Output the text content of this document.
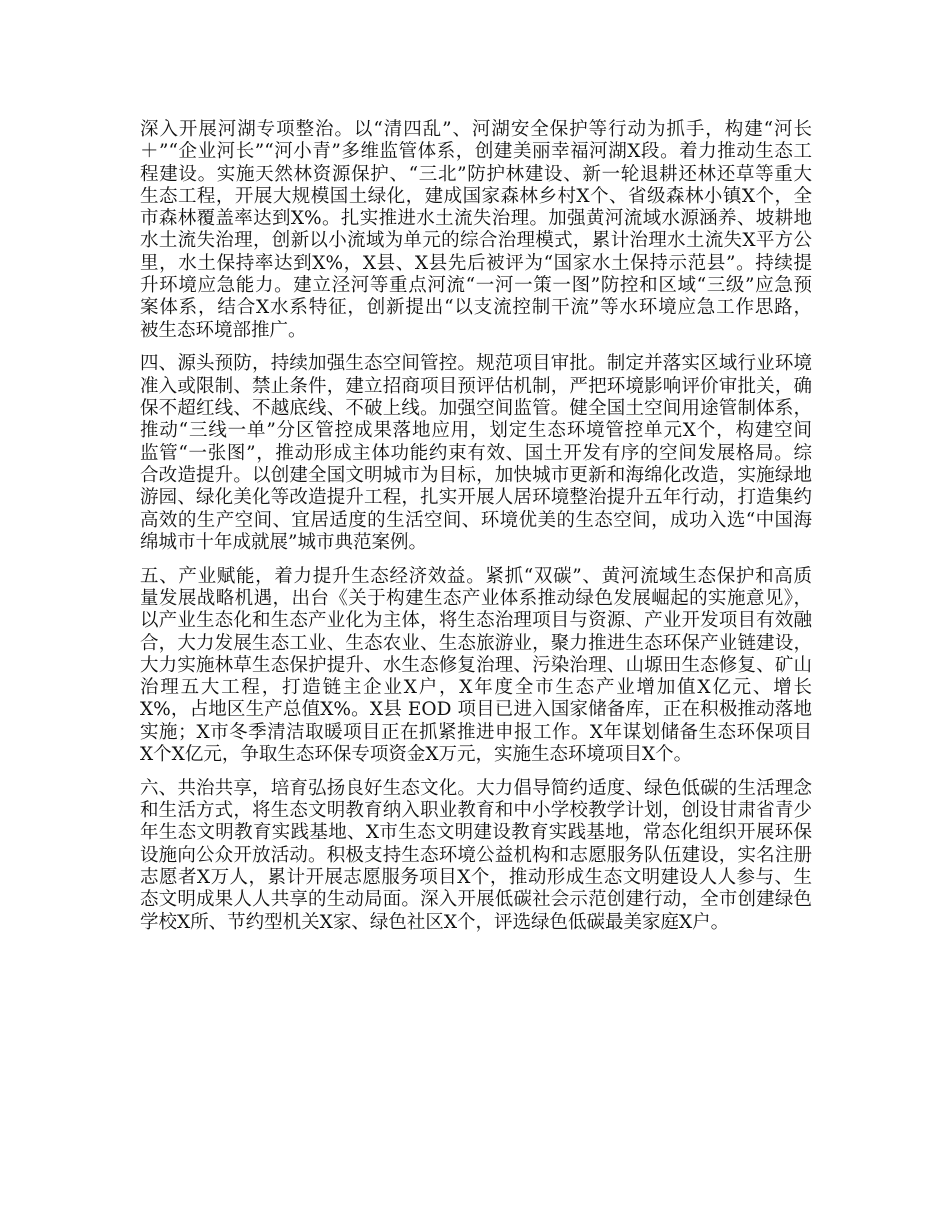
深入开展河湖专项整治。以“清四乱”、河湖安全保护等行动为抓手，构建“河长
＋”“企业河长”“河小青”多维监管体系，创建美丽幸福河湖X段。着力推动生态工
程建设。实施天然林资源保护、“三北”防护林建设、新一轮退耕还林还草等重大
生态工程，开展大规模国土绿化，建成国家森林乡村X个、省级森林小镇X个，全
市森林覆盖率达到X%。扎实推进水土流失治理。加强黄河流域水源涵养、坡耕地
水土流失治理，创新以小流域为单元的综合治理模式，累计治理水土流失X平方公
里，水土保持率达到X%，X县、X县先后被评为“国家水土保持示范县”。持续提
升环境应急能力。建立泾河等重点河流“一河一策一图”防控和区域“三级”应急预
案体系，结合X水系特征，创新提出“以支流控制干流”等水环境应急工作思路，
被生态环境部推广。
四、源头预防，持续加强生态空间管控。规范项目审批。制定并落实区域行业环境
准入或限制、禁止条件，建立招商项目预评估机制，严把环境影响评价审批关，确
保不超红线、不越底线、不破上线。加强空间监管。健全国土空间用途管制体系，
推动“三线一单”分区管控成果落地应用，划定生态环境管控单元X个，构建空间
监管“一张图”，推动形成主体功能约束有效、国土开发有序的空间发展格局。综
合改造提升。以创建全国文明城市为目标，加快城市更新和海绵化改造，实施绿地
游园、绿化美化等改造提升工程，扎实开展人居环境整治提升五年行动，打造集约
高效的生产空间、宜居适度的生活空间、环境优美的生态空间，成功入选“中国海
绵城市十年成就展”城市典范案例。
五、产业赋能，着力提升生态经济效益。紧抓“双碳”、黄河流域生态保护和高质
量发展战略机遇，出台《关于构建生态产业体系推动绿色发展崛起的实施意见》，
以产业生态化和生态产业化为主体，将生态治理项目与资源、产业开发项目有效融
合，大力发展生态工业、生态农业、生态旅游业，聚力推进生态环保产业链建设，
大力实施林草生态保护提升、水生态修复治理、污染治理、山塬田生态修复、矿山
治理五大工程，打造链主企业X户，X年度全市生态产业增加值X亿元、增长
X%，占地区生产总值X%。X县 EOD 项目已进入国家储备库，正在积极推动落地
实施；X市冬季清洁取暖项目正在抓紧推进申报工作。X年谋划储备生态环保项目
X个X亿元，争取生态环保专项资金X万元，实施生态环境项目X个。
六、共治共享，培育弘扬良好生态文化。大力倡导简约适度、绿色低碳的生活理念
和生活方式，将生态文明教育纳入职业教育和中小学校教学计划，创设甘肃省青少
年生态文明教育实践基地、X市生态文明建设教育实践基地，常态化组织开展环保
设施向公众开放活动。积极支持生态环境公益机构和志愿服务队伍建设，实名注册
志愿者X万人，累计开展志愿服务项目X个，推动形成生态文明建设人人参与、生
态文明成果人人共享的生动局面。深入开展低碳社会示范创建行动，全市创建绿色
学校X所、节约型机关X家、绿色社区X个，评选绿色低碳最美家庭X户。
